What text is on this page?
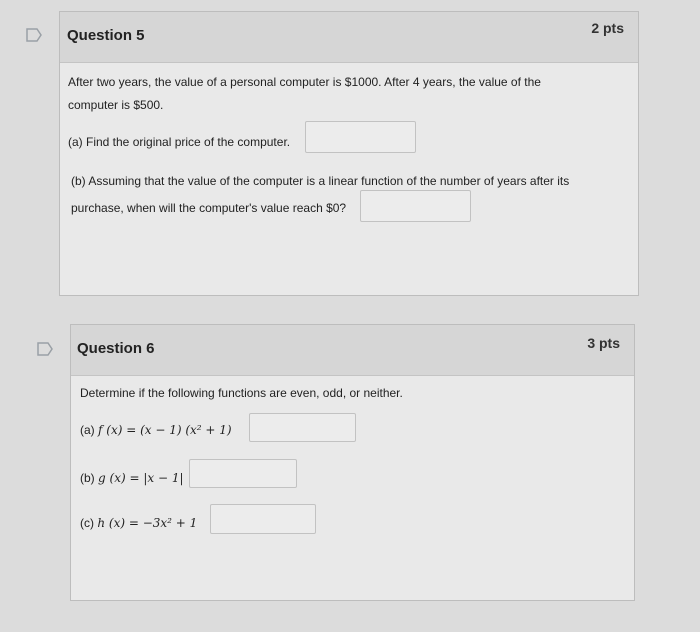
Question 5	2 pts
After two years, the value of a personal computer is $1000. After 4 years, the value of the
computer is $500.
(a) Find the original price of the computer.
(b) Assuming that the value of the computer is a linear function of the number of years after its
purchase, when will the computer's value reach $0?
Question 6	3 pts
Determine if the following functions are even, odd, or neither.
(a) f (x) = (x − 1) (x² + 1)
(b) g (x) = |x − 1|
(c) h (x) = −3x² + 1
